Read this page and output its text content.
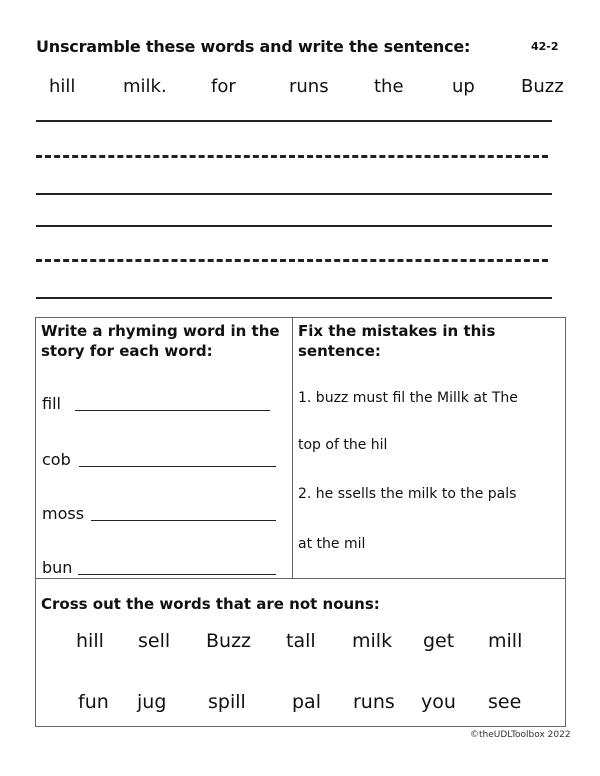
Unscramble these words and write the sentence:	42-2
hill	milk. for	runs	the	up	Buzz
Write a rhyming word in the
story for each word:
fill
cob
moss
bun
Fix the mistakes in this
sentence:
1. buzz must fil the Millk at The
top of the hil
2. he ssells the milk to the pals
at the mil
Cross out the words that are not nouns:
hill sell Buzz tall milk get mill
fun jug spill pal runs you see
©theUDLToolbox 2022
